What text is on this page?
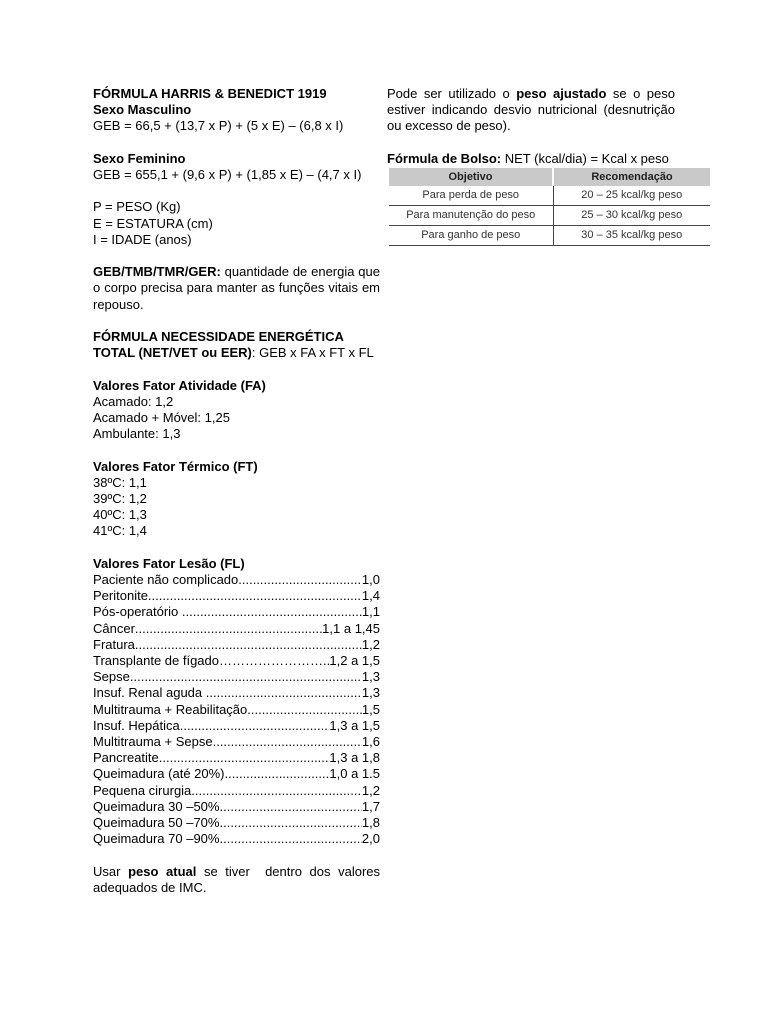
FÓRMULA HARRIS & BENEDICT 1919

Sexo Masculino

GEB = 66,5 + (13,7 x P) + (5 x E) – (6,8 x I)

Sexo Feminino

GEB = 655,1 + (9,6 x P) + (1,85 x E) – (4,7 x I)

P = PESO (Kg)

E = ESTATURA (cm)

I = IDADE (anos)

GEB/TMB/TMR/GER: quantidade de energia que o corpo precisa para manter as funções vitais em repouso.

FÓRMULA NECESSIDADE ENERGÉTICA

TOTAL (NET/VET ou EER): GEB x FA x FT x FL

Valores Fator Atividade (FA)

Acamado: 1,2

Acamado + Móvel: 1,25

Ambulante: 1,3

Valores Fator Térmico (FT)

38ºC: 1,1

39ºC: 1,2

40ºC: 1,3

41ºC: 1,4

Valores Fator Lesão (FL)

Paciente não complicado .....	1,0
Peritonite .....	1,4
Pós-operatório .....	1,1
Câncer .....	1,1 a 1,45
Fratura .....	1,2
Transplante de fígado…………………… ..... 1,2 a 1,5
Sepse .....	1,3
Insuf. Renal aguda .....	1,3
Multitrauma + Reabilitação .....	1,5
Insuf. Hepática .....	1,3 a 1,5
Multitrauma + Sepse .....	1,6
Pancreatite .....	1,3 a 1,8
Queimadura (até 20%) .....	1,0 a 1.5
Pequena cirurgia .....	1,2
Queimadura 30 –50% .....	1,7
Queimadura 50 –70% .....	1,8
Queimadura 70 –90% .....	2,0

Usar peso atual se tiver  dentro dos valores adequados de IMC.

Pode ser utilizado o peso ajustado se o peso estiver indicando desvio nutricional (desnutrição ou excesso de peso).

Fórmula de Bolso: NET (kcal/dia) = Kcal x peso

Objetivo	Recomendação
Para perda de peso	20 – 25 kcal/kg peso
Para manutenção do peso	25 – 30 kcal/kg peso
Para ganho de peso	30 – 35 kcal/kg peso
